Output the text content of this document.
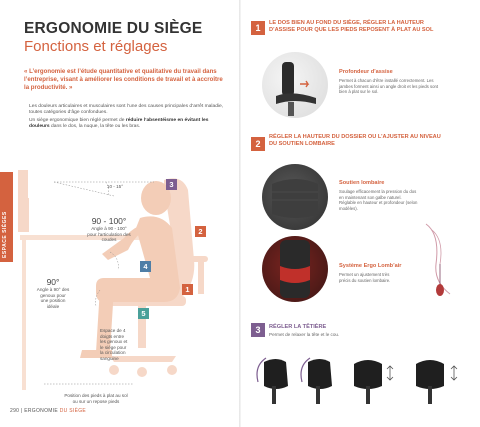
ERGONOMIE DU SIÈGE
Fonctions et réglages
« L’ergonomie est l’étude quantitative et qualitative du travail dans l’entreprise, visant à améliorer les conditions de travail et à accroître la productivité. »
Les douleurs articulaires et musculaires sont l’une des causes principales d’arrêt maladie, toutes catégories d’âge confondues.
Un siège ergonomique bien réglé permet de réduire l’absentéisme en évitant les douleurs dans le dos, la nuque, la tête ou les bras.
ESPACE SIÈGES
3
2
4
1
5
10 - 15°
90 - 100°
Angle à 90 - 100° pour l’articulation des coudes
90°
Angle à 90° des genoux pour une position idéale
Espace de 4 doigts entre les genoux et le siège pour la circulation sanguine
Position des pieds à plat au sol ou sur un repose pieds
290 | ERGONOMIE DU SIÈGE
1	LE DOS BIEN AU FOND DU SIÈGE, RÉGLER LA HAUTEUR D’ASSISE POUR QUE LES PIEDS REPOSENT À PLAT AU SOL
Profondeur d’assise
Permet à chacun d’être installé correctement. Les jambes forment ainsi un angle droit et les pieds sont bien à plat sur le sol.
2
RÉGLER LA HAUTEUR DU DOSSIER OU L’AJUSTER AU NIVEAU DU SOUTIEN LOMBAIRE
Soutien lombaire
Soulage efficacement la pression du dos en maintenant son galbe naturel. Réglable en hauteur et profondeur (selon modèles).
Système Ergo Lomb’air
Permet un ajustement très précis du soutien lombaire.
3	RÉGLER LA TÊTIÈRE
Permet de relaxer la tête et le cou.
